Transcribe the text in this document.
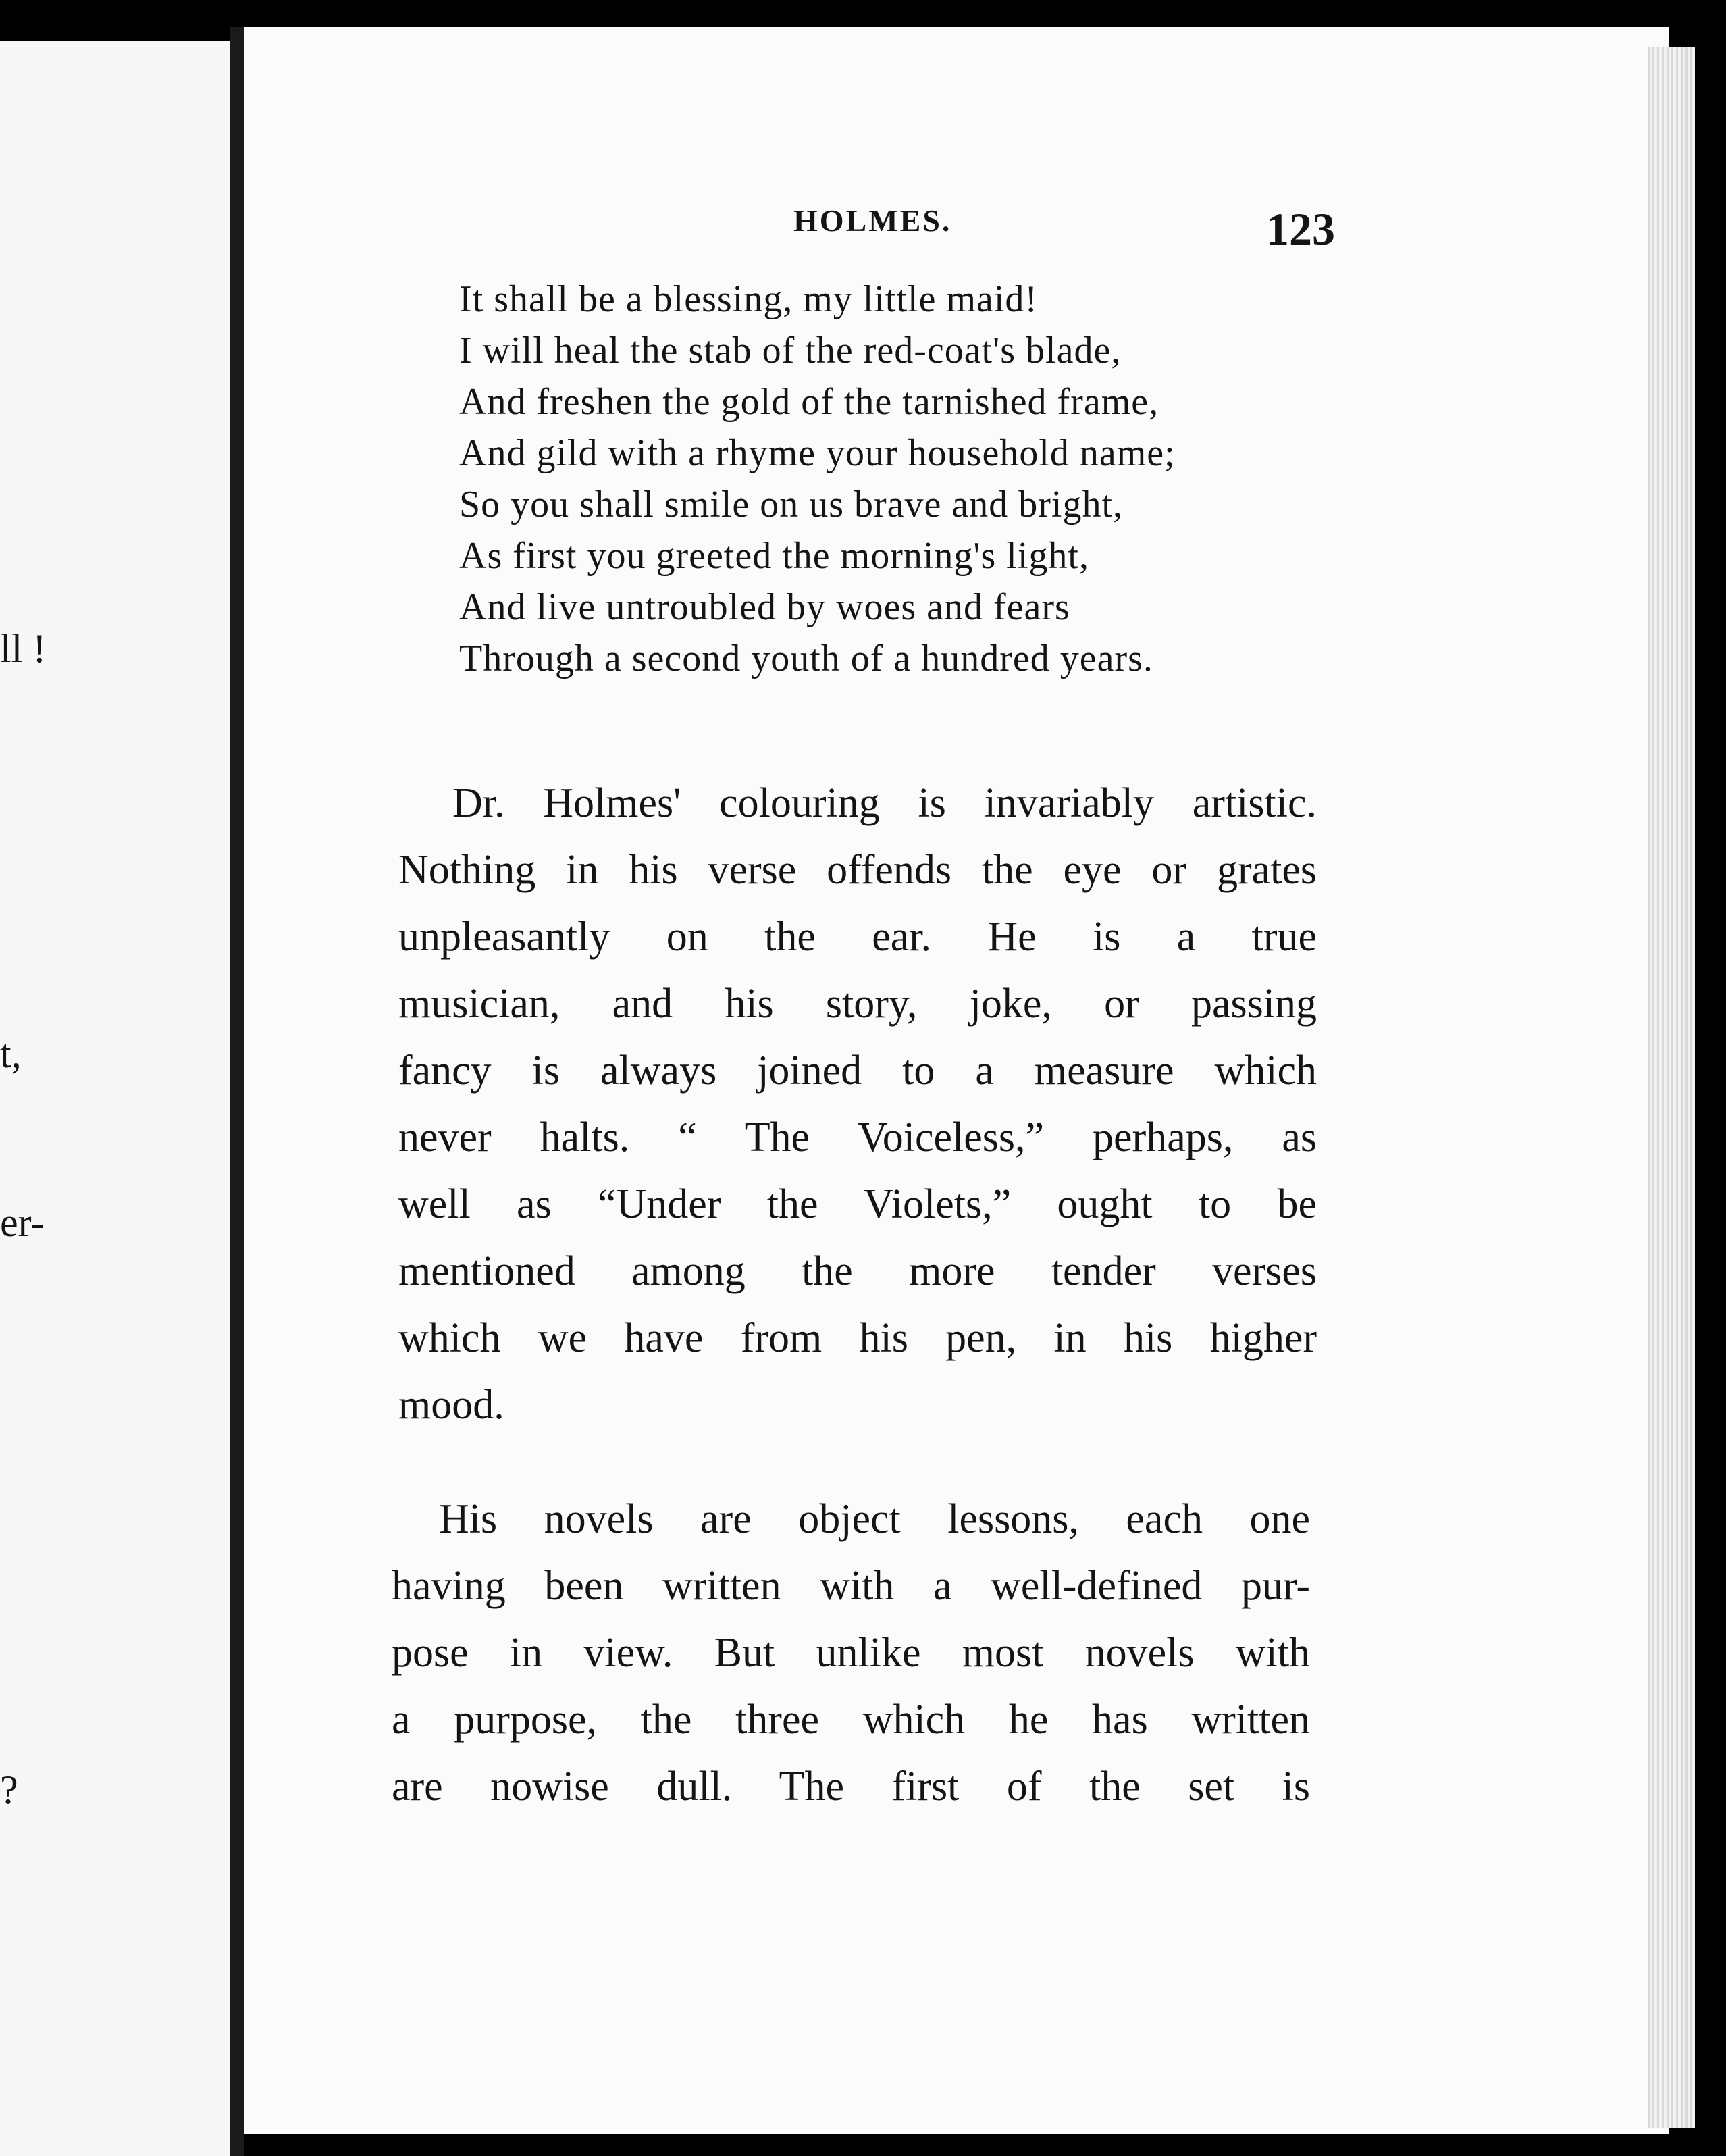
ll !
t,
er-
?
HOLMES.	123
It shall be a blessing, my little maid!
I will heal the stab of the red-coat's blade,
And freshen the gold of the tarnished frame,
And gild with a rhyme your household name;
So you shall smile on us brave and bright,
As first you greeted the morning's light,
And live untroubled by woes and fears
Through a second youth of a hundred years.
Dr. Holmes' colouring is invariably artistic.
Nothing in his verse offends the eye or grates
unpleasantly on the ear. He is a true
musician, and his story, joke, or passing
fancy is always joined to a measure which
never halts. “ The Voiceless,” perhaps, as
well as “Under the Violets,” ought to be
mentioned among the more tender verses
which we have from his pen, in his higher
mood.
His novels are object lessons, each one
having been written with a well-defined pur-
pose in view. But unlike most novels with
a purpose, the three which he has written
are nowise dull. The first of the set is
